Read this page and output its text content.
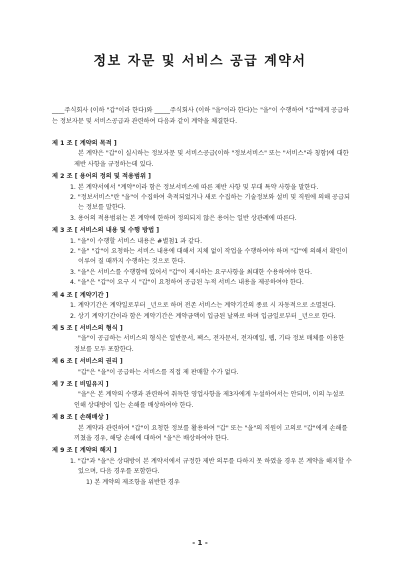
정보 자문 및 서비스 공급 계약서
____주식회사 (이하 "갑"이라 한다)와 _____주식회사 (이하 "을"이라 한다)는 "을"이 수행하여 "갑"에게 공급하는 정보자문 및 서비스공급과 관련하여 다음과 같이 계약을 체결한다.
제 1 조 [ 계약의 목적 ]
본 계약은 "갑"이 실시하는 정보자문 및 서비스공급(이하 "정보서비스" 또는 "서비스"라 칭함)에 대한 제반 사항을 규정하는데 있다.
제 2 조 [ 용어의 정의 및 적용범위 ]
1. 본 계약서에서 "계약"이라 함은 정보서비스에 따른 제반 사항 및 부대 특약 사항을 말한다.
2. "정보서비스"란 "을"이 수집하여 축적되었거나 새로 수집하는 기술정보와 설비 및 직원에 의해 공급되는 정보를 말한다.
3. 용어의 적용범위는 본 계약에 한하며 정의되지 않은 용어는 일반 상관례에 따른다.
제 3 조 [ 서비스의 내용 및 수행 방법 ]
1. "을"이 수행할 서비스 내용은 #별첨1 과 같다.
2. "을" "갑"이 요청하는 서비스 내용에 대해서 지체 없이 작업을 수행하여야 하며 "갑"에 의해서 확인이 이루어 질 때까지 수행하는 것으로 한다.
3. "을"은 서비스를 수행함에 있어서 "갑"이 제시하는 요구사항을 최대한 수용하여야 한다.
4. "을"은 "갑"이 요구 시 "갑"이 요청하여 공급된 누적 서비스 내용을 제공하여야 한다.
제 4 조 [ 계약기간 ]
1. 계약기간은 계약일로부터 _년으로 하며 전존 서비스는 계약기간의 종료 시 자동적으로 소멸된다.
2. 상기 계약기간이라 함은 계약기간은 계약금액이 입금된 날짜로 하며 입금일로부터 _년으로 한다.
제 5 조 [ 서비스의 형식 ]
"을"이 공급하는 서비스의 형식은 일반문서, 팩스, 전자문서, 전자메일, 웹, 기타 정보 매체를 이용한 정보를 모두 포함한다.
제 6 조 [ 서비스의 권리 ]
"갑"은 "을"이 공급하는 서비스를 직접 제 판매할 수가 없다.
제 7 조 [ 비밀유지 ]
"을"은 본 계약의 수행과 관련하여 취득한 영업사항을 제3자에게 누설하여서는 안되며, 이의 누설로 인해 상대방이 입는 손해를 배상하여야 한다.
제 8 조 [ 손해배상 ]
본 계약과 관련하여 "갑"이 요청한 정보를 활용하여 "갑" 또는 "을"의 직원이 고의로 "갑"에게 손해를 끼쳤을 경우, 해당 손해에 대하여 "을"은 배상하여야 한다.
제 9 조 [ 계약의 해지 ]
1. "갑"과 "을"은 상대방이 본 계약서에서 규정한 제반 의무를 다하지 못 하였을 경우 본 계약을 해지할 수 있으며, 다음 경우를 포함한다.
1) 본 계약의 제조항을 위반한 경우
- 1 -
